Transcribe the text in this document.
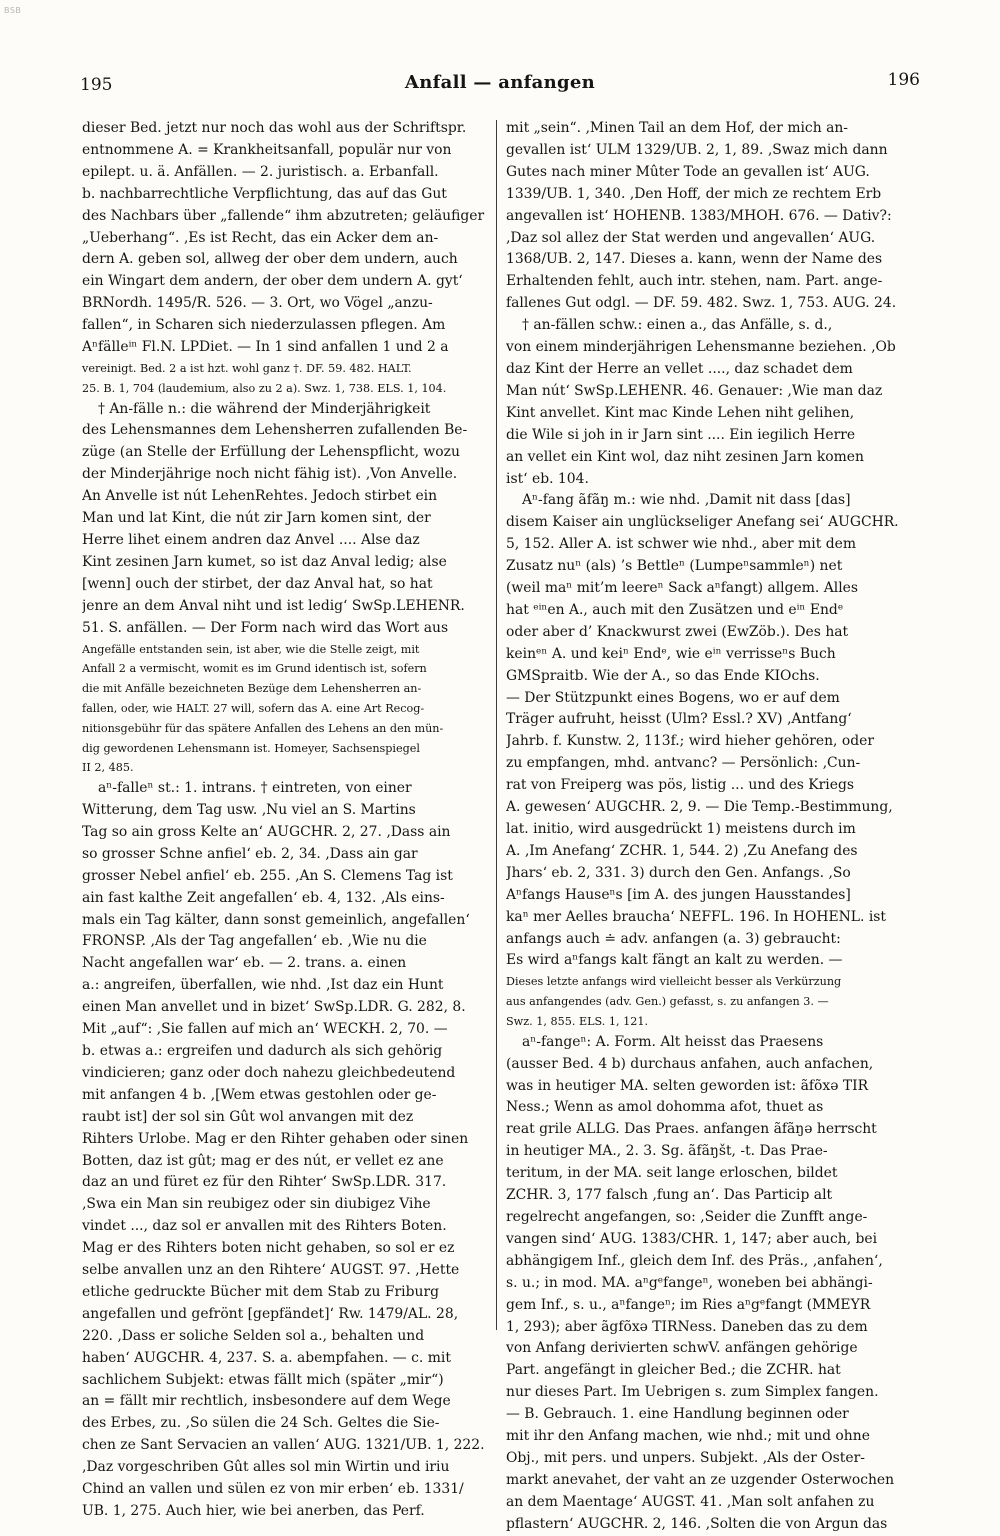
BSB
195	Anfall — anfangen	196
dieser Bed. jetzt nur noch das wohl aus der Schriftspr.
entnommene A. = Krankheitsanfall, populär nur von
epilept. u. ä. Anfällen. — 2. juristisch. a. Erbanfall.
b. nachbarrechtliche Verpflichtung, das auf das Gut
des Nachbars über „fallende“ ihm abzutreten; geläufiger
„Ueberhang“. ‚Es ist Recht, das ein Acker dem an-
dern A. geben sol, allweg der ober dem undern, auch
ein Wingart dem andern, der ober dem undern A. gyt‘
BRNordh. 1495/R. 526. — 3. Ort, wo Vögel „anzu-
fallen“, in Scharen sich niederzulassen pflegen. Am
Aⁿfälleⁱⁿ Fl.N. LPDiet. — In 1 sind anfallen 1 und 2 a
vereinigt. Bed. 2 a ist hzt. wohl ganz †. DF. 59. 482. HALT.
25. B. 1, 704 (laudemium, also zu 2 a). Swz. 1, 738. ELS. 1, 104.
† An-fälle n.: die während der Minderjährigkeit
des Lehensmannes dem Lehensherren zufallenden Be-
züge (an Stelle der Erfüllung der Lehenspflicht, wozu
der Minderjährige noch nicht fähig ist). ‚Von Anvelle.
An Anvelle ist nút LehenRehtes. Jedoch stirbet ein
Man und lat Kint, die nút zir Jarn komen sint, der
Herre lihet einem andren daz Anvel .... Alse daz
Kint zesinen Jarn kumet, so ist daz Anval ledig; alse
[wenn] ouch der stirbet, der daz Anval hat, so hat
jenre an dem Anval niht und ist ledig‘ SwSp.LEHENR.
51. S. anfällen. — Der Form nach wird das Wort aus
Angefälle entstanden sein, ist aber, wie die Stelle zeigt, mit
Anfall 2 a vermischt, womit es im Grund identisch ist, sofern
die mit Anfälle bezeichneten Bezüge dem Lehensherren an-
fallen, oder, wie HALT. 27 will, sofern das A. eine Art Recog-
nitionsgebühr für das spätere Anfallen des Lehens an den mün-
dig gewordenen Lehensmann ist. Homeyer, Sachsenspiegel
II 2, 485.
aⁿ-falleⁿ st.: 1. intrans. † eintreten, von einer
Witterung, dem Tag usw. ‚Nu viel an S. Martins
Tag so ain gross Kelte an‘ AUGCHR. 2, 27. ‚Dass ain
so grosser Schne anfiel‘ eb. 2, 34. ‚Dass ain gar
grosser Nebel anfiel‘ eb. 255. ‚An S. Clemens Tag ist
ain fast kalthe Zeit angefallen‘ eb. 4, 132. ‚Als eins-
mals ein Tag kälter, dann sonst gemeinlich, angefallen‘
FRONSP. ‚Als der Tag angefallen‘ eb. ‚Wie nu die
Nacht angefallen war‘ eb. — 2. trans. a. einen
a.: angreifen, überfallen, wie nhd. ‚Ist daz ein Hunt
einen Man anvellet und in bizet‘ SwSp.LDR. G. 282, 8.
Mit „auf“: ‚Sie fallen auf mich an‘ WECKH. 2, 70. —
b. etwas a.: ergreifen und dadurch als sich gehörig
vindicieren; ganz oder doch nahezu gleichbedeutend
mit anfangen 4 b. ‚[Wem etwas gestohlen oder ge-
raubt ist] der sol sin Gût wol anvangen mit dez
Rihters Urlobe. Mag er den Rihter gehaben oder sinen
Botten, daz ist gût; mag er des nút, er vellet ez ane
daz an und füret ez für den Rihter‘ SwSp.LDR. 317.
‚Swa ein Man sin reubigez oder sin diubigez Vihe
vindet ..., daz sol er anvallen mit des Rihters Boten.
Mag er des Rihters boten nicht gehaben, so sol er ez
selbe anvallen unz an den Rihtere‘ AUGST. 97. ‚Hette
etliche gedruckte Bücher mit dem Stab zu Friburg
angefallen und gefrönt [gepfändet]‘ Rw. 1479/AL. 28,
220. ‚Dass er soliche Selden sol a., behalten und
haben‘ AUGCHR. 4, 237. S. a. abempfahen. — c. mit
sachlichem Subjekt: etwas fällt mich (später „mir“)
an = fällt mir rechtlich, insbesondere auf dem Wege
des Erbes, zu. ‚So sülen die 24 Sch. Geltes die Sie-
chen ze Sant Servacien an vallen‘ AUG. 1321/UB. 1, 222.
‚Daz vorgeschriben Gût alles sol min Wirtin und iriu
Chind an vallen und sülen ez von mir erben‘ eb. 1331/
UB. 1, 275. Auch hier, wie bei anerben, das Perf.
mit „sein“. ‚Minen Tail an dem Hof, der mich an-
gevallen ist‘ ULM 1329/UB. 2, 1, 89. ‚Swaz mich dann
Gutes nach miner Mûter Tode an gevallen ist‘ AUG.
1339/UB. 1, 340. ‚Den Hoff, der mich ze rechtem Erb
angevallen ist‘ HOHENB. 1383/MHOH. 676. — Dativ?:
‚Daz sol allez der Stat werden und angevallen‘ AUG.
1368/UB. 2, 147. Dieses a. kann, wenn der Name des
Erhaltenden fehlt, auch intr. stehen, nam. Part. ange-
fallenes Gut odgl. — DF. 59. 482. Swz. 1, 753. AUG. 24.
† an-fällen schw.: einen a., das Anfälle, s. d.,
von einem minderjährigen Lehensmanne beziehen. ‚Ob
daz Kint der Herre an vellet ...., daz schadet dem
Man nút‘ SwSp.LEHENR. 46. Genauer: ‚Wie man daz
Kint anvellet. Kint mac Kinde Lehen niht gelihen,
die Wile si joh in ir Jarn sint .... Ein iegilich Herre
an vellet ein Kint wol, daz niht zesinen Jarn komen
ist‘ eb. 104.
Aⁿ-fang ãfãŋ m.: wie nhd. ‚Damit nit dass [das]
disem Kaiser ain unglückseliger Anefang sei‘ AUGCHR.
5, 152. Aller A. ist schwer wie nhd., aber mit dem
Zusatz nuⁿ (als) ’s Bettleⁿ (Lumpeⁿsammleⁿ) net
(weil maⁿ mit’m leereⁿ Sack aⁿfangt) allgem. Alles
hat ᵉⁱⁿen A., auch mit den Zusätzen und eⁱⁿ Endᵉ
oder aber d’ Knackwurst zwei (EwZöb.). Des hat
keinᵉⁿ A. und keiⁿ Endᵉ, wie eⁱⁿ verrisseⁿs Buch
GMSpraitb. Wie der A., so das Ende KIOchs.
— Der Stützpunkt eines Bogens, wo er auf dem
Träger aufruht, heisst (Ulm? Essl.? XV) ‚Antfang‘
Jahrb. f. Kunstw. 2, 113f.; wird hieher gehören, oder
zu empfangen, mhd. antvanc? — Persönlich: ‚Cun-
rat von Freiperg was pös, listig ... und des Kriegs
A. gewesen‘ AUGCHR. 2, 9. — Die Temp.-Bestimmung,
lat. initio, wird ausgedrückt 1) meistens durch im
A. ‚Im Anefang‘ ZCHR. 1, 544. 2) ‚Zu Anefang des
Jhars‘ eb. 2, 331. 3) durch den Gen. Anfangs. ‚So
Aⁿfangs Hauseⁿs [im A. des jungen Hausstandes]
kaⁿ mer Aelles braucha‘ NEFFL. 196. In HOHENL. ist
anfangs auch ≐ adv. anfangen (a. 3) gebraucht:
Es wird aⁿfangs kalt fängt an kalt zu werden. —
Dieses letzte anfangs wird vielleicht besser als Verkürzung
aus anfangendes (adv. Gen.) gefasst, s. zu anfangen 3. —
Swz. 1, 855. ELS. 1, 121.
aⁿ-fangeⁿ: A. Form. Alt heisst das Praesens
(ausser Bed. 4 b) durchaus anfahen, auch anfachen,
was in heutiger MA. selten geworden ist: ãfõxə TIR
Ness.; Wenn as amol dohomma afot, thuet as
reat grile ALLG. Das Praes. anfangen ãfãŋə herrscht
in heutiger MA., 2. 3. Sg. ãfãŋšt, -t. Das Prae-
teritum, in der MA. seit lange erloschen, bildet
ZCHR. 3, 177 falsch ‚fung an‘. Das Particip alt
regelrecht angefangen, so: ‚Seider die Zunfft ange-
vangen sind‘ AUG. 1383/CHR. 1, 147; aber auch, bei
abhängigem Inf., gleich dem Inf. des Präs., ‚anfahen‘,
s. u.; in mod. MA. aⁿgᵉfangeⁿ, woneben bei abhängi-
gem Inf., s. u., aⁿfangeⁿ; im Ries aⁿgᵉfangt (MMEYR
1, 293); aber ãgfõxə TIRNess. Daneben das zu dem
von Anfang derivierten schwV. anfängen gehörige
Part. angefängt in gleicher Bed.; die ZCHR. hat
nur dieses Part. Im Uebrigen s. zum Simplex fangen.
— B. Gebrauch. 1. eine Handlung beginnen oder
mit ihr den Anfang machen, wie nhd.; mit und ohne
Obj., mit pers. und unpers. Subjekt. ‚Als der Oster-
markt anevahet, der vaht an ze uzgender Osterwochen
an dem Maentage‘ AUGST. 41. ‚Man solt anfahen zu
pflastern‘ AUGCHR. 2, 146. ‚Solten die von Argun das
